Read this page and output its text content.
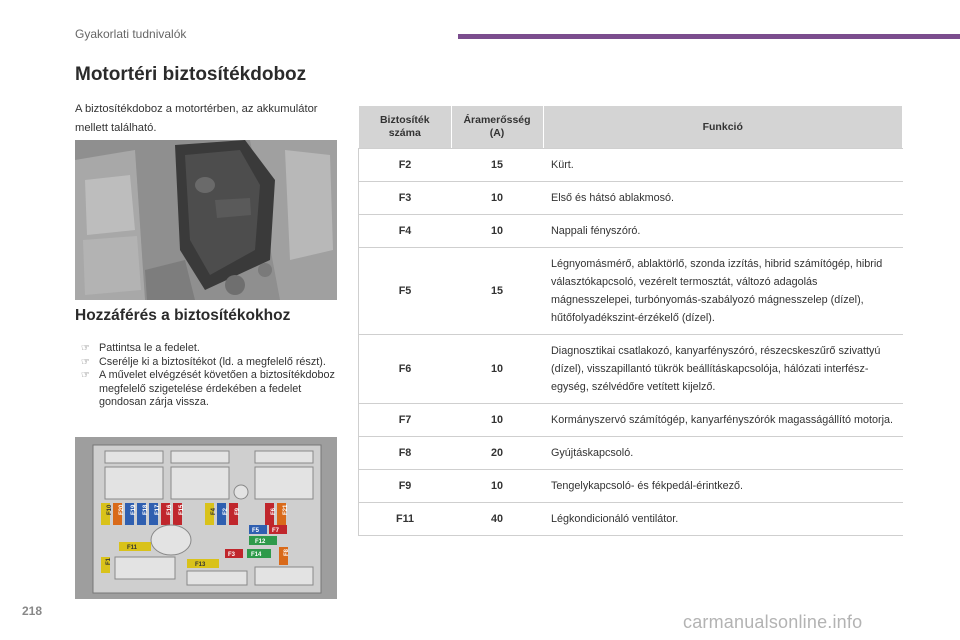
Gyakorlati tudnivalók
Motortéri biztosítékdoboz
A biztosítékdoboz a motortérben, az akkumulátor mellett található.
Hozzáférés a biztosítékokhoz
☞ Pattintsa le a fedelet.
☞ Cserélje ki a biztosítékot (ld. a megfelelő részt).
☞ A művelet elvégzését követően a biztosítékdoboz megfelelő szigetelése érdekében a fedelet gondosan zárja vissza.
F10 F20 F19 F18 F17 F16 F15	F4 F2 F9	F6 F21
F5 F7
F12
F11
F3	F14
F1	F13
F8
Biztosíték száma	Áramerősség (A)	Funkció
F2	15	Kürt.
F3	10	Első és hátsó ablakmosó.
F4	10	Nappali fényszóró.
F5	15	Légnyomásmérő, ablaktörlő, szonda izzítás, hibrid számítógép, hibrid választókapcsoló, vezérelt termosztát, változó adagolás mágnesszelepei, turbónyomás-szabályozó mágnesszelep (dízel), hűtőfolyadékszint-érzékelő (dízel).
F6	10	Diagnosztikai csatlakozó, kanyarfényszóró, részecskeszűrő szivattyú (dízel), visszapillantó tükrök beállításkapcsolója, hálózati interfész-egység, szélvédőre vetített kijelző.
F7	10	Kormányszervó számítógép, kanyarfényszórók magasságállító motorja.
F8	20	Gyújtáskapcsoló.
F9	10	Tengelykapcsoló- és fékpedál-érintkező.
F11	40	Légkondicionáló ventilátor.
218
carmanualsonline.info
